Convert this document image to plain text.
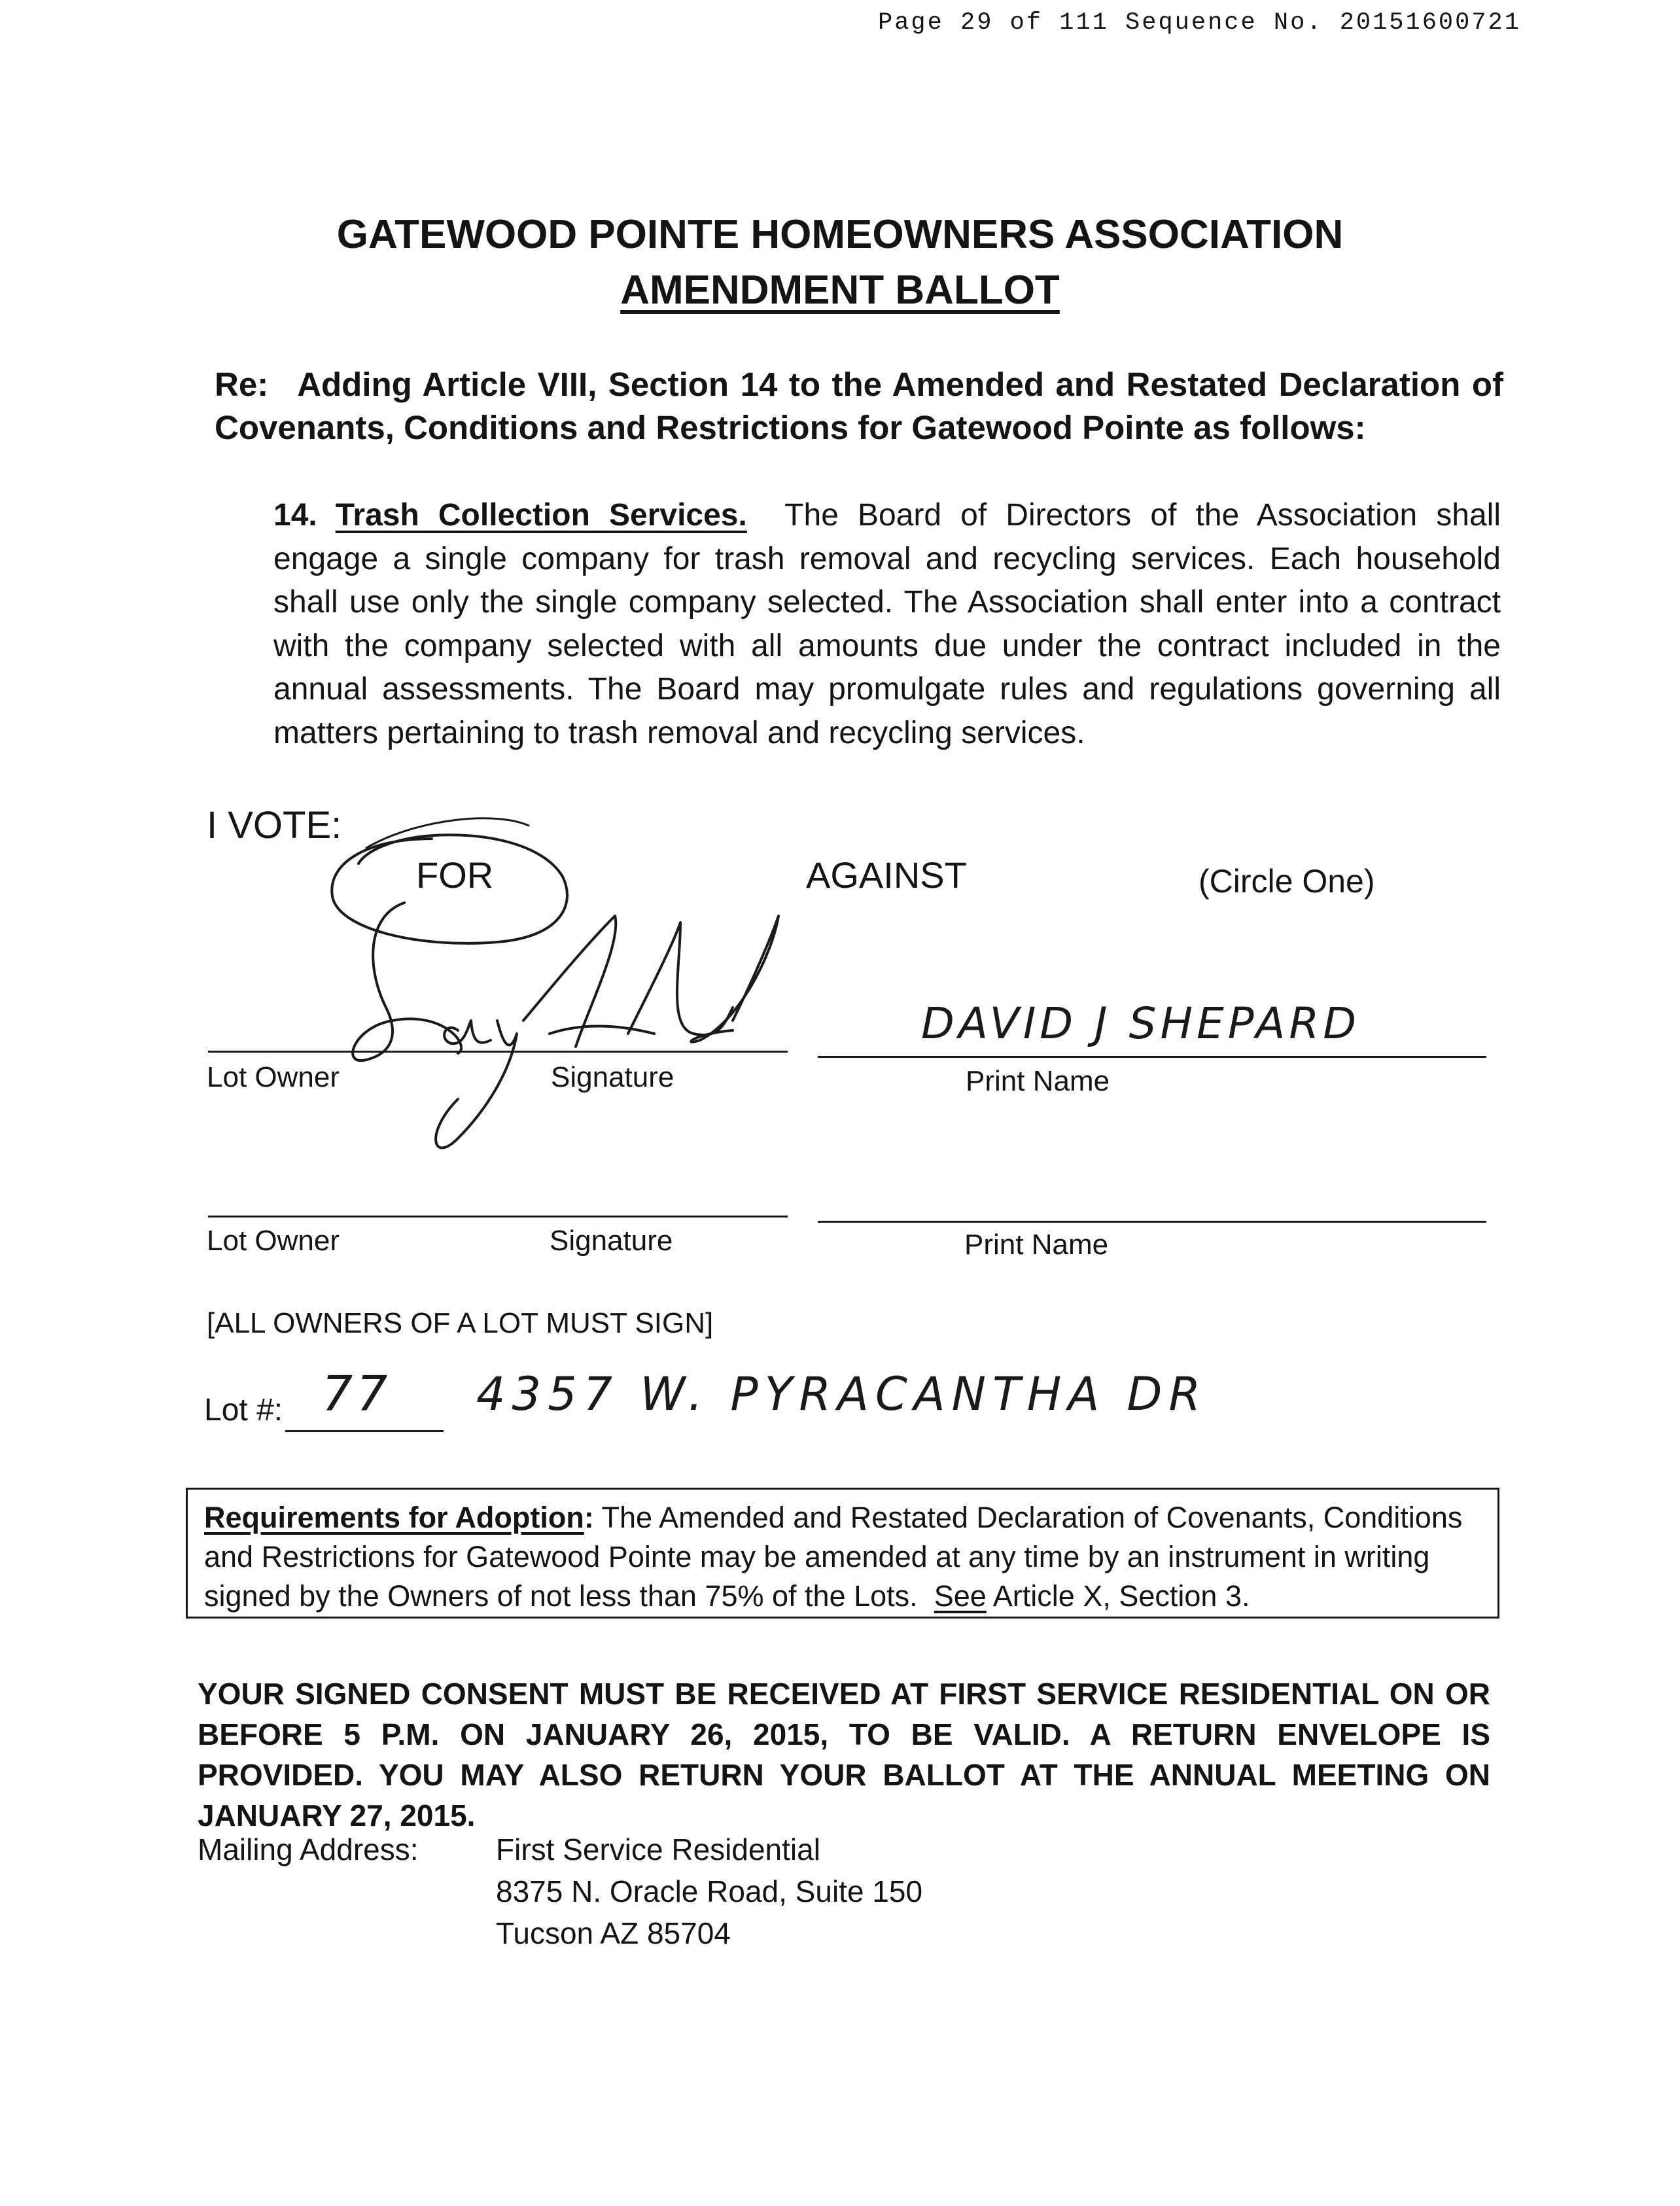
Page 29 of 111 Sequence No. 20151600721
GATEWOOD POINTE HOMEOWNERS ASSOCIATION
AMENDMENT BALLOT
Re: Adding Article VIII, Section 14 to the Amended and Restated Declaration of Covenants, Conditions and Restrictions for Gatewood Pointe as follows:
14. Trash Collection Services. The Board of Directors of the Association shall engage a single company for trash removal and recycling services. Each household shall use only the single company selected. The Association shall enter into a contract with the company selected with all amounts due under the contract included in the annual assessments. The Board may promulgate rules and regulations governing all matters pertaining to trash removal and recycling services.
I VOTE:
FOR	AGAINST	(Circle One)
Lot Owner	Signature	Print Name
DAVID J SHEPARD
Lot Owner	Signature	Print Name
[ALL OWNERS OF A LOT MUST SIGN]
Lot #: 77 4357 W. PYRACANTHA DR
Requirements for Adoption: The Amended and Restated Declaration of Covenants, Conditions and Restrictions for Gatewood Pointe may be amended at any time by an instrument in writing signed by the Owners of not less than 75% of the Lots. See Article X, Section 3.
YOUR SIGNED CONSENT MUST BE RECEIVED AT FIRST SERVICE RESIDENTIAL ON OR BEFORE 5 P.M. ON JANUARY 26, 2015, TO BE VALID. A RETURN ENVELOPE IS PROVIDED. YOU MAY ALSO RETURN YOUR BALLOT AT THE ANNUAL MEETING ON JANUARY 27, 2015.
Mailing Address:	First Service Residential
8375 N. Oracle Road, Suite 150
Tucson AZ 85704
